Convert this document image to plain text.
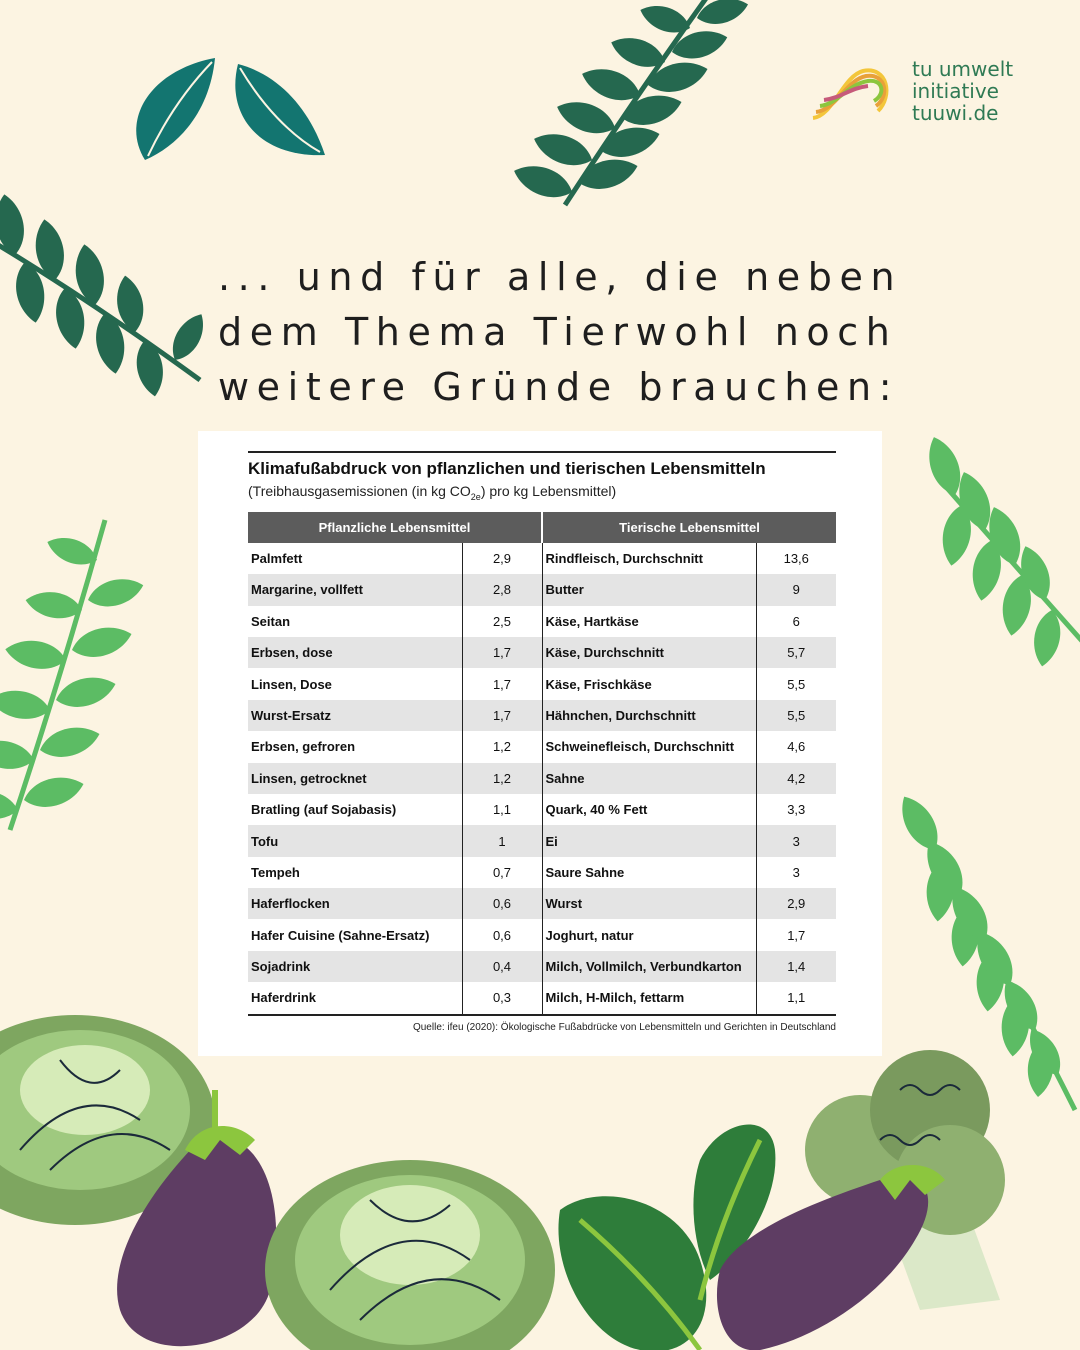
tu umwelt
initiative
tuuwi.de
... und für alle, die neben
dem Thema Tierwohl noch
weitere Gründe brauchen:
Klimafußabdruck von pflanzlichen und tierischen Lebensmitteln
(Treibhausgasemissionen (in kg $CO_{2e}$) pro kg Lebensmittel)
Pflanzliche Lebensmittel		Tierische Lebensmittel	
Palmfett	2,9	Rindfleisch, Durchschnitt	13,6
Margarine, vollfett	2,8	Butter	9
Seitan	2,5	Käse, Hartkäse	6
Erbsen, dose	1,7	Käse, Durchschnitt	5,7
Linsen, Dose	1,7	Käse, Frischkäse	5,5
Wurst-Ersatz	1,7	Hähnchen, Durchschnitt	5,5
Erbsen, gefroren	1,2	Schweinefleisch, Durchschnitt	4,6
Linsen, getrocknet	1,2	Sahne	4,2
Bratling (auf Sojabasis)	1,1	Quark, 40 % Fett	3,3
Tofu	1	Ei	3
Tempeh	0,7	Saure Sahne	3
Haferflocken	0,6	Wurst	2,9
Hafer Cuisine (Sahne-Ersatz)	0,6	Joghurt, natur	1,7
Sojadrink	0,4	Milch, Vollmilch, Verbundkarton	1,4
Haferdrink	0,3	Milch, H-Milch, fettarm	1,1
Quelle: ifeu (2020): Ökologische Fußabdrücke von Lebensmitteln und Gerichten in Deutschland
